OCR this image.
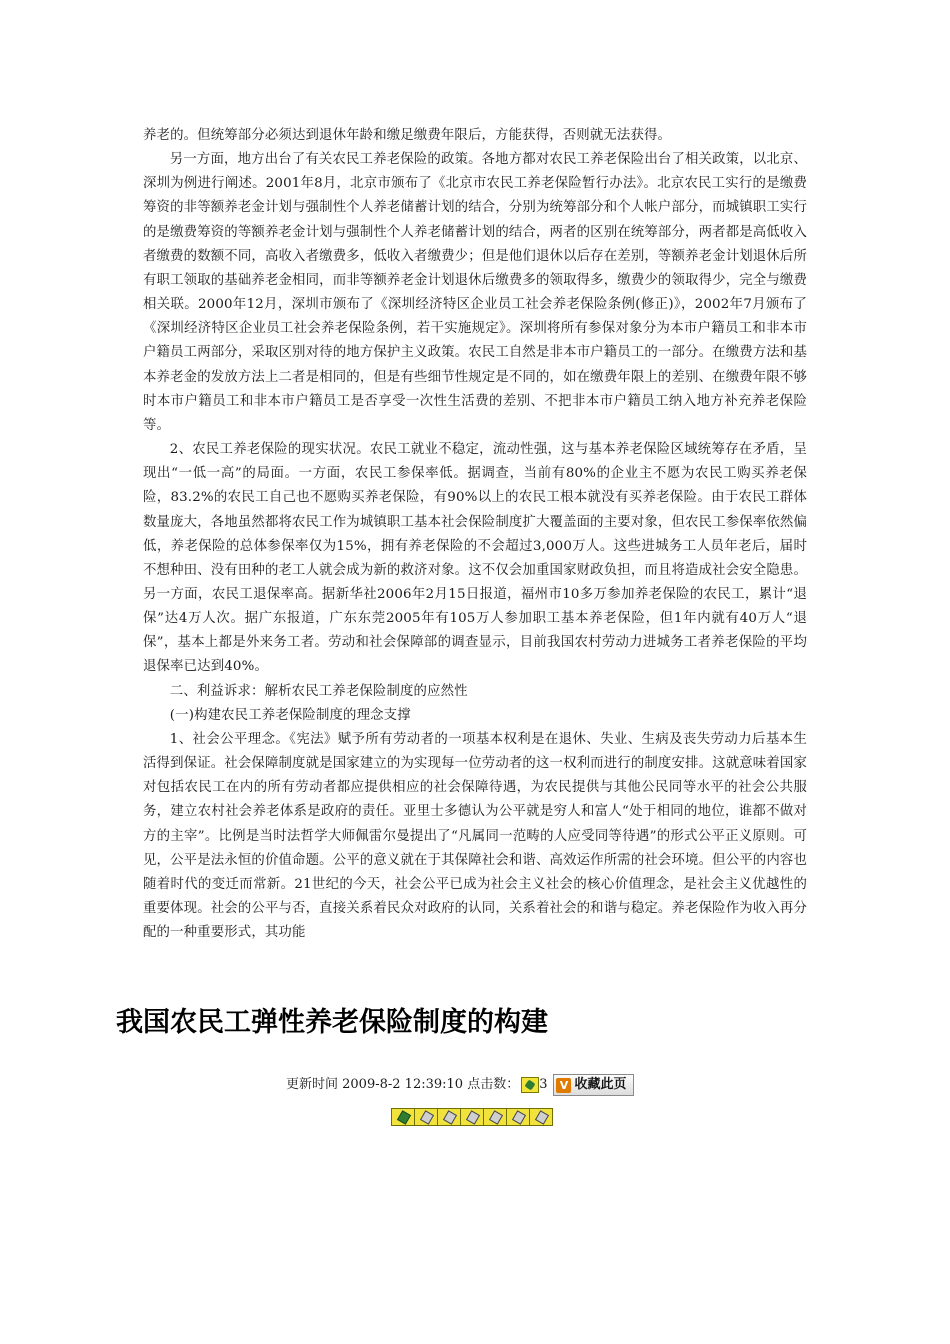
养老的。但统筹部分必须达到退休年龄和缴足缴费年限后，方能获得，否则就无法获得。

另一方面，地方出台了有关农民工养老保险的政策。各地方都对农民工养老保险出台了相关政策，以北京、深圳为例进行阐述。2001年8月，北京市颁布了《北京市农民工养老保险暂行办法》。北京农民工实行的是缴费筹资的非等额养老金计划与强制性个人养老储蓄计划的结合，分别为统筹部分和个人帐户部分，而城镇职工实行的是缴费筹资的等额养老金计划与强制性个人养老储蓄计划的结合，两者的区别在统筹部分，两者都是高低收入者缴费的数额不同，高收入者缴费多，低收入者缴费少；但是他们退休以后存在差别，等额养老金计划退休后所有职工领取的基础养老金相同，而非等额养老金计划退休后缴费多的领取得多，缴费少的领取得少，完全与缴费相关联。2000年12月，深圳市颁布了《深圳经济特区企业员工社会养老保险条例(修正)》，2002年7月颁布了《深圳经济特区企业员工社会养老保险条例，若干实施规定》。深圳将所有参保对象分为本市户籍员工和非本市户籍员工两部分，采取区别对待的地方保护主义政策。农民工自然是非本市户籍员工的一部分。在缴费方法和基本养老金的发放方法上二者是相同的，但是有些细节性规定是不同的，如在缴费年限上的差别、在缴费年限不够时本市户籍员工和非本市户籍员工是否享受一次性生活费的差别、不把非本市户籍员工纳入地方补充养老保险等。

2、农民工养老保险的现实状况。农民工就业不稳定，流动性强，这与基本养老保险区域统筹存在矛盾，呈现出“一低一高”的局面。一方面，农民工参保率低。据调查，当前有80%的企业主不愿为农民工购买养老保险，83.2%的农民工自己也不愿购买养老保险，有90%以上的农民工根本就没有买养老保险。由于农民工群体数量庞大，各地虽然都将农民工作为城镇职工基本社会保险制度扩大覆盖面的主要对象，但农民工参保率依然偏低，养老保险的总体参保率仅为15%，拥有养老保险的不会超过3,000万人。这些进城务工人员年老后，届时不想种田、没有田种的老工人就会成为新的救济对象。这不仅会加重国家财政负担，而且将造成社会安全隐患。另一方面，农民工退保率高。据新华社2006年2月15日报道，福州市10多万参加养老保险的农民工，累计“退保”达4万人次。据广东报道，广东东莞2005年有105万人参加职工基本养老保险，但1年内就有40万人“退保”，基本上都是外来务工者。劳动和社会保障部的调查显示，目前我国农村劳动力进城务工者养老保险的平均退保率已达到40%。

二、利益诉求：解析农民工养老保险制度的应然性

(一)构建农民工养老保险制度的理念支撑

1、社会公平理念。《宪法》赋予所有劳动者的一项基本权利是在退休、失业、生病及丧失劳动力后基本生活得到保证。社会保障制度就是国家建立的为实现每一位劳动者的这一权利而进行的制度安排。这就意味着国家对包括农民工在内的所有劳动者都应提供相应的社会保障待遇，为农民提供与其他公民同等水平的社会公共服务，建立农村社会养老体系是政府的责任。亚里士多德认为公平就是穷人和富人“处于相同的地位，谁都不做对方的主宰”。比例是当时法哲学大师佩雷尔曼提出了“凡属同一范畴的人应受同等待遇”的形式公平正义原则。可见，公平是法永恒的价值命题。公平的意义就在于其保障社会和谐、高效运作所需的社会环境。但公平的内容也随着时代的变迁而常新。21世纪的今天，社会公平已成为社会主义社会的核心价值理念，是社会主义优越性的重要体现。社会的公平与否，直接关系着民众对政府的认同，关系着社会的和谐与稳定。养老保险作为收入再分配的一种重要形式，其功能

我国农民工弹性养老保险制度的构建
更新时间 2009-8-2 12:39:10 点击数： 3 V 收藏此页
